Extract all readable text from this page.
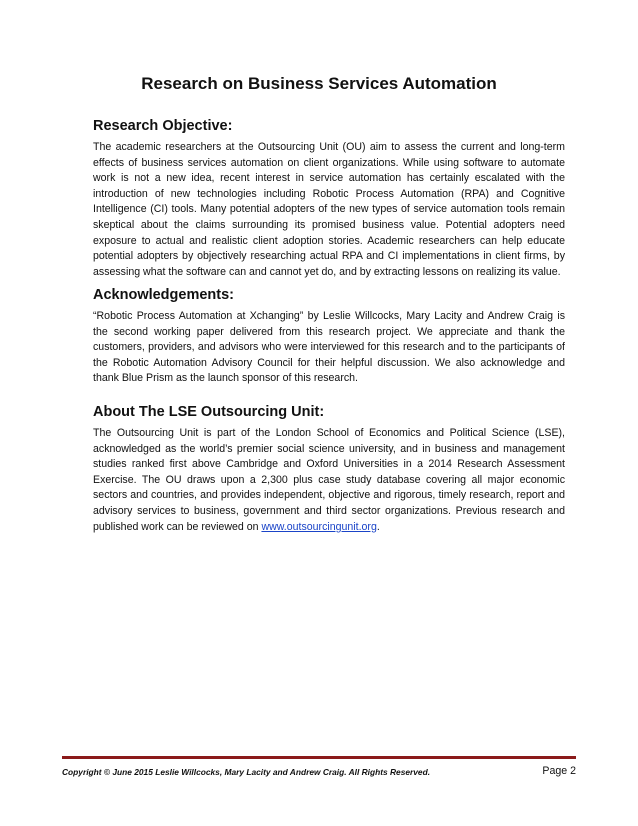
Research on Business Services Automation
Research Objective:

The academic researchers at the Outsourcing Unit (OU) aim to assess the current and long-term effects of business services automation on client organizations. While using software to automate work is not a new idea, recent interest in service automation has certainly escalated with the introduction of new technologies including Robotic Process Automation (RPA) and Cognitive Intelligence (CI) tools. Many potential adopters of the new types of service automation tools remain skeptical about the claims surrounding its promised business value. Potential adopters need exposure to actual and realistic client adoption stories. Academic researchers can help educate potential adopters by objectively researching actual RPA and CI implementations in client firms, by assessing what the software can and cannot yet do, and by extracting lessons on realizing its value.

Acknowledgements:

“Robotic Process Automation at Xchanging” by Leslie Willcocks, Mary Lacity and Andrew Craig is the second working paper delivered from this research project. We appreciate and thank the customers, providers, and advisors who were interviewed for this research and to the participants of the Robotic Automation Advisory Council for their helpful discussion. We also acknowledge and thank Blue Prism as the launch sponsor of this research.

About The LSE Outsourcing Unit:

The Outsourcing Unit is part of the London School of Economics and Political Science (LSE), acknowledged as the world’s premier social science university, and in business and management studies ranked first above Cambridge and Oxford Universities in a 2014 Research Assessment Exercise. The OU draws upon a 2,300 plus case study database covering all major economic sectors and countries, and provides independent, objective and rigorous, timely research, report and advisory services to business, government and third sector organizations. Previous research and published work can be reviewed on www.outsourcingunit.org.

Copyright © June 2015 Leslie Willcocks, Mary Lacity and Andrew Craig. All Rights Reserved.	Page 2
